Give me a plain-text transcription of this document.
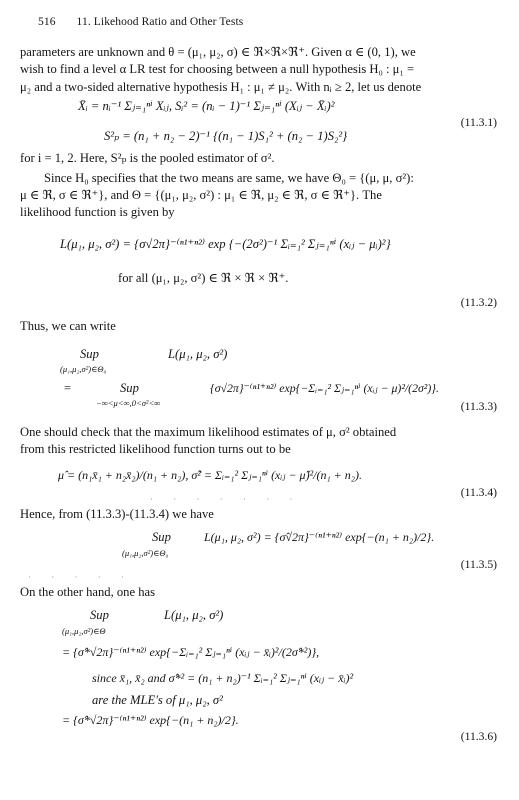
516 11. Likehood Ratio and Other Tests
parameters are unknown and θ = (μ₁, μ₂, σ) ∈ ℜ×ℜ×ℜ⁺. Given α ∈ (0, 1), we
wish to find a level α LR test for choosing between a null hypothesis H₀ : μ₁ =
μ₂ and a two-sided alternative hypothesis H₁ : μ₁ ≠ μ₂. With nᵢ ≥ 2, let us denote
X̄ᵢ = nᵢ⁻¹ Σⱼ₌₁ⁿⁱ Xᵢⱼ, Sᵢ² = (nᵢ − 1)⁻¹ Σⱼ₌₁ⁿⁱ (Xᵢⱼ − X̄ᵢ)²
S²ₚ = (n₁ + n₂ − 2)⁻¹ {(n₁ − 1)S₁² + (n₂ − 1)S₂²}
(11.3.1)
for i = 1, 2. Here, S²ₚ is the pooled estimator of σ².
Since H₀ specifies that the two means are same, we have Θ₀ = {(μ, μ, σ²):
μ ∈ ℜ, σ ∈ ℜ⁺}, and Θ = {(μ₁, μ₂, σ²) : μ₁ ∈ ℜ, μ₂ ∈ ℜ, σ ∈ ℜ⁺}. The
likelihood function is given by
L(μ₁, μ₂, σ²) = {σ√2π}⁻⁽ⁿ¹⁺ⁿ²⁾ exp {−(2σ²)⁻¹ Σᵢ₌₁² Σⱼ₌₁ⁿⁱ (xᵢⱼ − μᵢ)²}
for all (μ₁, μ₂, σ²) ∈ ℜ × ℜ × ℜ⁺.
(11.3.2)
Thus, we can write
Sup	L(μ₁, μ₂, σ²)
(μ₁,μ₂,σ²)∈Θ₀
=	Sup	{σ√2π}⁻⁽ⁿ¹⁺ⁿ²⁾ exp{−Σᵢ₌₁² Σⱼ₌₁ⁿⁱ (xᵢⱼ − μ)²/(2σ²)}.
−∞<μ<∞,0<σ²<∞	(11.3.3)
One should check that the maximum likelihood estimates of μ, σ² obtained
from this restricted likelihood function turns out to be
μ̂ = (n₁x̄₁ + n₂x̄₂)/(n₁ + n₂), σ̂² = Σᵢ₌₁² Σⱼ₌₁ⁿⁱ (xᵢⱼ − μ̂)²/(n₁ + n₂).
(11.3.4)
· · · · · · ·
Hence, from (11.3.3)-(11.3.4) we have
Sup	L(μ₁, μ₂, σ²) = {σ̂√2π}⁻⁽ⁿ¹⁺ⁿ²⁾ exp{−(n₁ + n₂)/2}.
(μ₁,μ₂,σ²)∈Θ₀
(11.3.5)
· · · · ·
On the other hand, one has
Sup	L(μ₁, μ₂, σ²)
(μ₁,μ₂,σ²)∈Θ
= {σ̂*√2π}⁻⁽ⁿ¹⁺ⁿ²⁾ exp{−Σᵢ₌₁² Σⱼ₌₁ⁿⁱ (xᵢⱼ − x̄ᵢ)²/(2σ̂*²)},
since x̄₁, x̄₂ and σ̂*² = (n₁ + n₂)⁻¹ Σᵢ₌₁² Σⱼ₌₁ⁿⁱ (xᵢⱼ − x̄ᵢ)²
are the MLE's of μ₁, μ₂, σ²
= {σ̂*√2π}⁻⁽ⁿ¹⁺ⁿ²⁾ exp{−(n₁ + n₂)/2}.
(11.3.6)
